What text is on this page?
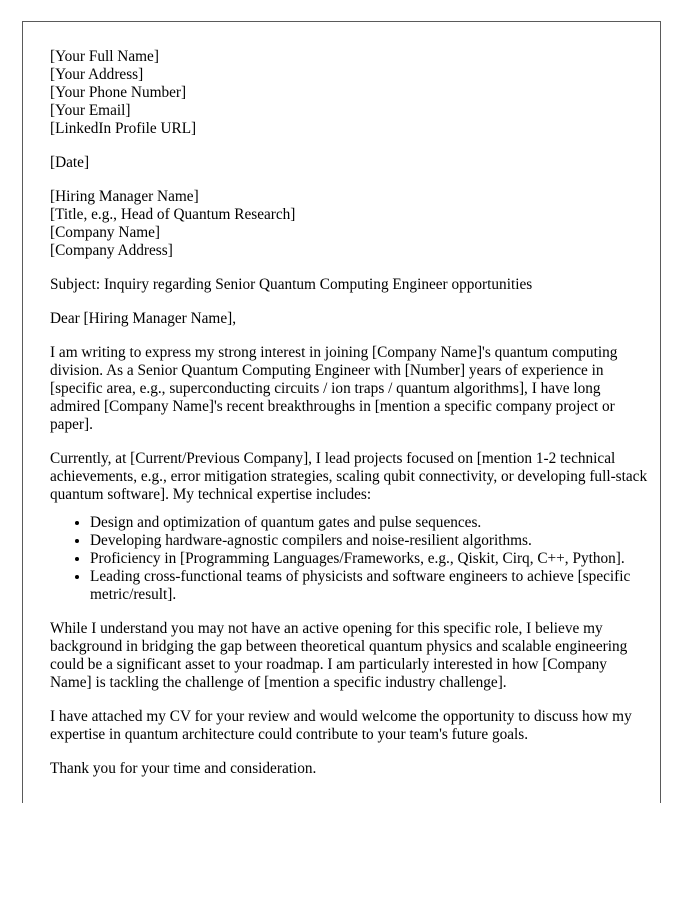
[Your Full Name]
[Your Address]
[Your Phone Number]
[Your Email]
[LinkedIn Profile URL]
[Date]
[Hiring Manager Name]
[Title, e.g., Head of Quantum Research]
[Company Name]
[Company Address]

Subject: Inquiry regarding Senior Quantum Computing Engineer opportunities

Dear [Hiring Manager Name],

I am writing to express my strong interest in joining [Company Name]'s quantum computing division. As a Senior Quantum Computing Engineer with [Number] years of experience in [specific area, e.g., superconducting circuits / ion traps / quantum algorithms], I have long admired [Company Name]'s recent breakthroughs in [mention a specific company project or paper].

Currently, at [Current/Previous Company], I lead projects focused on [mention 1-2 technical achievements, e.g., error mitigation strategies, scaling qubit connectivity, or developing full-stack quantum software]. My technical expertise includes:

• Design and optimization of quantum gates and pulse sequences.
• Developing hardware-agnostic compilers and noise-resilient algorithms.
• Proficiency in [Programming Languages/Frameworks, e.g., Qiskit, Cirq, C++, Python].
• Leading cross-functional teams of physicists and software engineers to achieve [specific metric/result].

While I understand you may not have an active opening for this specific role, I believe my background in bridging the gap between theoretical quantum physics and scalable engineering could be a significant asset to your roadmap. I am particularly interested in how [Company Name] is tackling the challenge of [mention a specific industry challenge].

I have attached my CV for your review and would welcome the opportunity to discuss how my expertise in quantum architecture could contribute to your team's future goals.

Thank you for your time and consideration.
